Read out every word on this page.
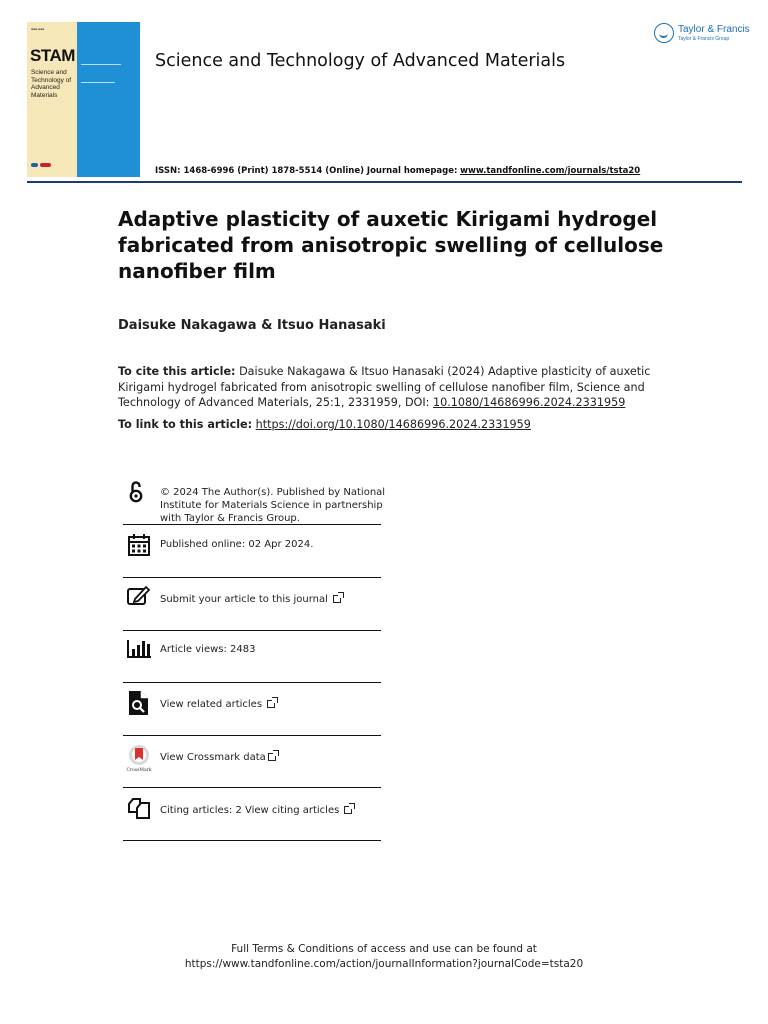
▪▪▪ ▪▪▪
STAM
Science and
Technology of
Advanced
Materials
Science and Technology of Advanced Materials
ISSN: 1468-6996 (Print) 1878-5514 (Online) Journal homepage: www.tandfonline.com/journals/tsta20
Taylor & Francis
Taylor & Francis Group
Adaptive plasticity of auxetic Kirigami hydrogel fabricated from anisotropic swelling of cellulose nanofiber film
Daisuke Nakagawa & Itsuo Hanasaki
To cite this article: Daisuke Nakagawa & Itsuo Hanasaki (2024) Adaptive plasticity of auxetic Kirigami hydrogel fabricated from anisotropic swelling of cellulose nanofiber film, Science and Technology of Advanced Materials, 25:1, 2331959, DOI: 10.1080/14686996.2024.2331959
To link to this article: https://doi.org/10.1080/14686996.2024.2331959
© 2024 The Author(s). Published by National Institute for Materials Science in partnership with Taylor & Francis Group.
Published online: 02 Apr 2024.
Submit your article to this journal
Article views: 2483
View related articles
CrossMark
View Crossmark data
Citing articles: 2 View citing articles
Full Terms & Conditions of access and use can be found at
https://www.tandfonline.com/action/journalInformation?journalCode=tsta20
